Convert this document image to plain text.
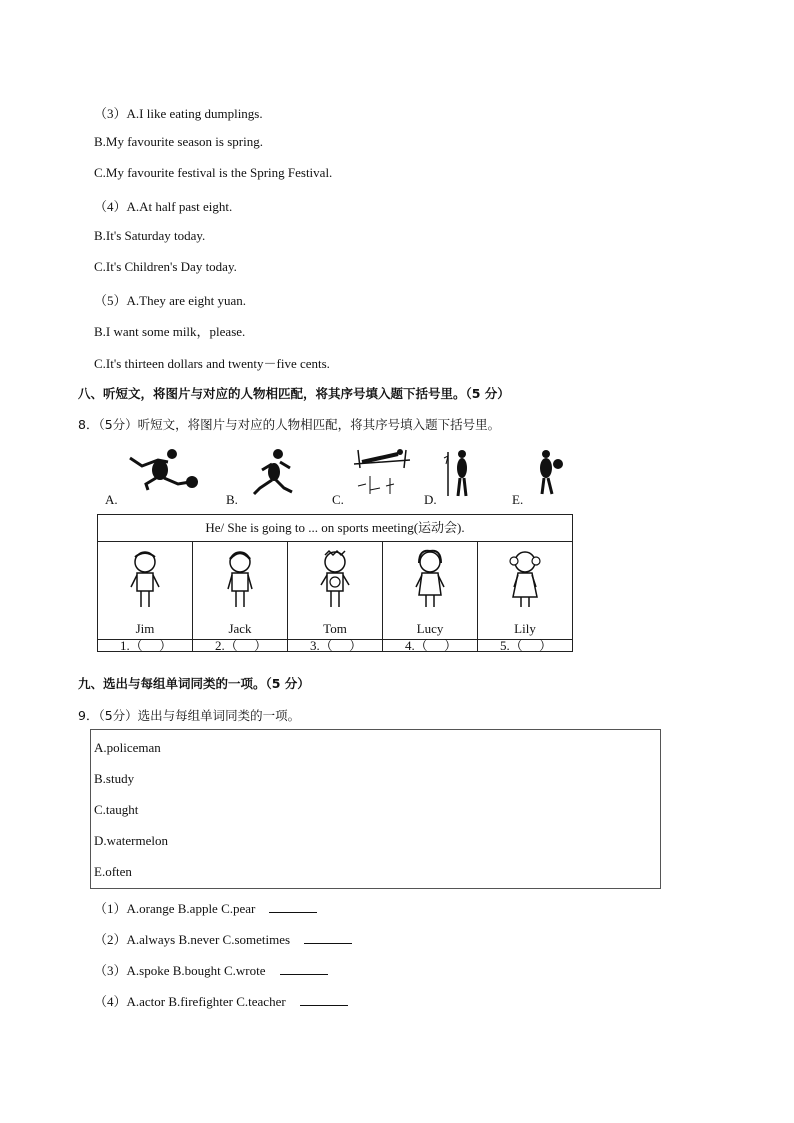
（3）A.I like eating dumplings.
B.My favourite season is spring.
C.My favourite festival is the Spring Festival.
（4）A.At half past eight.
B.It's Saturday today.
C.It's Children's Day today.
（5）A.They are eight yuan.
B.I want some milk，please.
C.It's thirteen dollars and twenty－five cents.
八、听短文，将图片与对应的人物相匹配，将其序号填入题下括号里。（5 分）
8．（5分）听短文，将图片与对应的人物相匹配，将其序号填入题下括号里。
A.	B.	C.	D.	E.
He/ She is going to ... on sports meeting(运动会).
Jim	Jack	Tom	Lucy	Lily
1.（     ）	2.（     ）	3.（     ）	4.（     ）	5.（     ）
九、选出与每组单词同类的一项。（5 分）
9．（5分）选出与每组单词同类的一项。
A.policeman
B.study
C.taught
D.watermelon
E.often
（1）A.orange B.apple C.pear
（2）A.always B.never C.sometimes
（3）A.spoke B.bought C.wrote
（4）A.actor B.firefighter C.teacher
